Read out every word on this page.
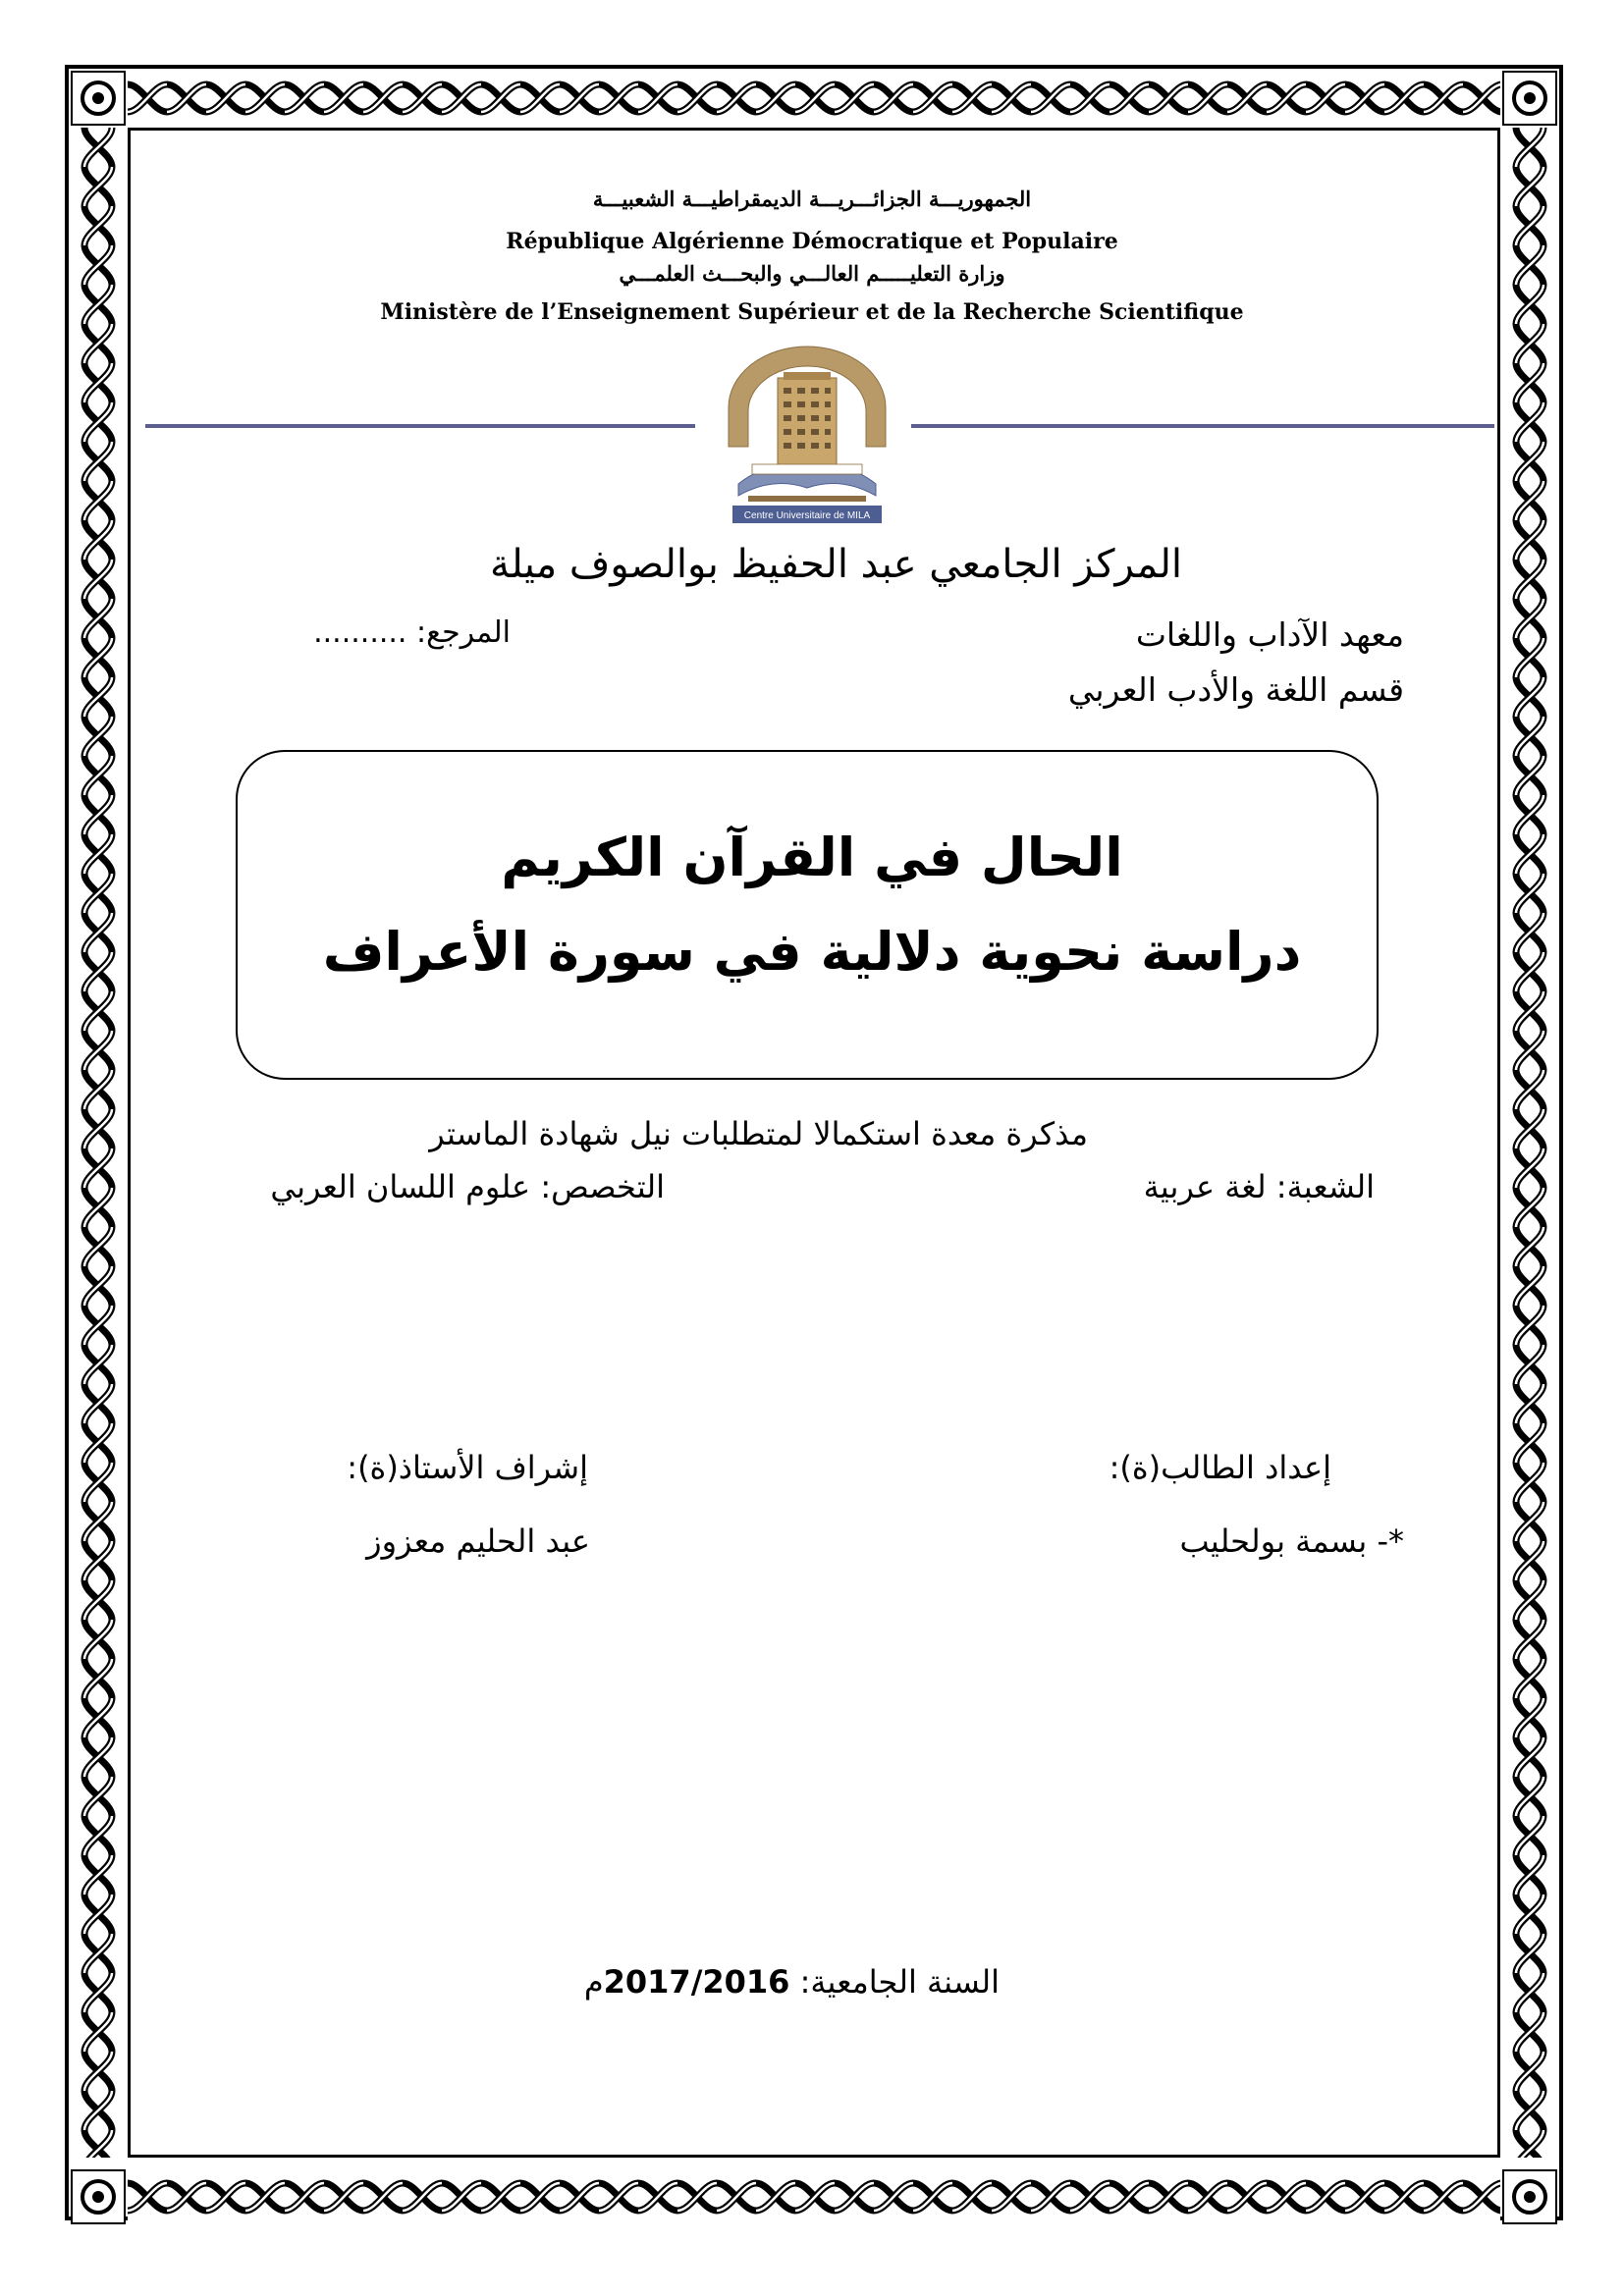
الجمهوريـــة الجزائـــريـــة الديمقراطيـــة الشعبيـــة
République Algérienne Démocratique et Populaire
وزارة التعليـــــم العالـــي والبحـــث العلمـــي
Ministère de l’Enseignement Supérieur et de la Recherche Scientifique
Centre Universitaire de MILA
المركز الجامعي عبد الحفيظ بوالصوف ميلة
معهد الآداب واللغات
المرجع: ..........
قسم اللغة والأدب العربي
الحال في القرآن الكريم
دراسة نحوية دلالية في سورة الأعراف
مذكرة معدة استكمالا لمتطلبات نيل شهادة الماستر
الشعبة: لغة عربية
التخصص: علوم اللسان العربي
إعداد الطالب(ة):
إشراف الأستاذ(ة):
*- بسمة بولحليب
عبد الحليم معزوز
السنة الجامعية: 2017/2016م
